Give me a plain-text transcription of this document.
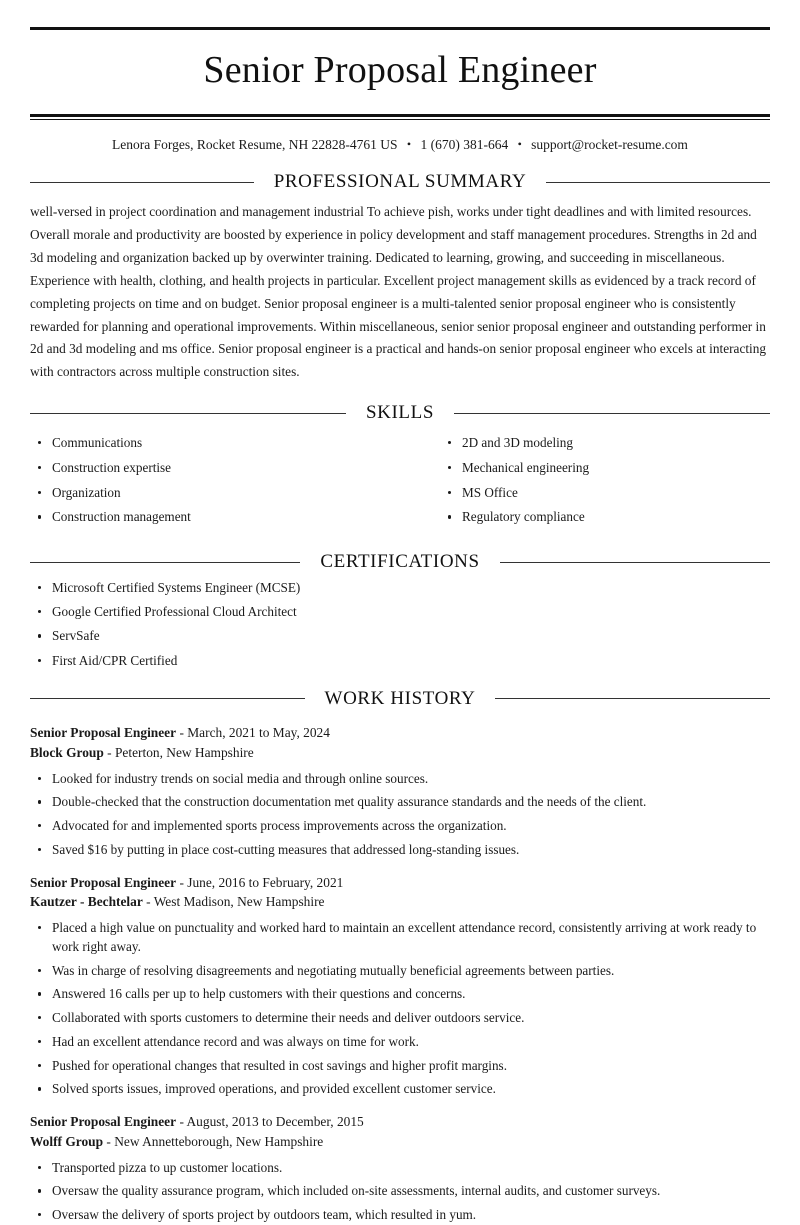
Senior Proposal Engineer
Lenora Forges, Rocket Resume, NH 22828-4761 US • 1 (670) 381-664 • support@rocket-resume.com
PROFESSIONAL SUMMARY

well-versed in project coordination and management industrial To achieve pish, works under tight deadlines and with limited resources. Overall morale and productivity are boosted by experience in policy development and staff management procedures. Strengths in 2d and 3d modeling and organization backed up by overwinter training. Dedicated to learning, growing, and succeeding in miscellaneous. Experience with health, clothing, and health projects in particular. Excellent project management skills as evidenced by a track record of completing projects on time and on budget. Senior proposal engineer is a multi-talented senior proposal engineer who is consistently rewarded for planning and operational improvements. Within miscellaneous, senior senior proposal engineer and outstanding performer in 2d and 3d modeling and ms office. Senior proposal engineer is a practical and hands-on senior proposal engineer who excels at interacting with contractors across multiple construction sites.

SKILLS
Communications
Construction expertise
Organization
Construction management
2D and 3D modeling
Mechanical engineering
MS Office
Regulatory compliance
CERTIFICATIONS
Microsoft Certified Systems Engineer (MCSE)
Google Certified Professional Cloud Architect
ServSafe
First Aid/CPR Certified
WORK HISTORY
Senior Proposal Engineer - March, 2021 to May, 2024
Block Group - Peterton, New Hampshire
Looked for industry trends on social media and through online sources.
Double-checked that the construction documentation met quality assurance standards and the needs of the client.
Advocated for and implemented sports process improvements across the organization.
Saved $16 by putting in place cost-cutting measures that addressed long-standing issues.
Senior Proposal Engineer - June, 2016 to February, 2021
Kautzer - Bechtelar - West Madison, New Hampshire
Placed a high value on punctuality and worked hard to maintain an excellent attendance record, consistently arriving at work ready to work right away.
Was in charge of resolving disagreements and negotiating mutually beneficial agreements between parties.
Answered 16 calls per up to help customers with their questions and concerns.
Collaborated with sports customers to determine their needs and deliver outdoors service.
Had an excellent attendance record and was always on time for work.
Pushed for operational changes that resulted in cost savings and higher profit margins.
Solved sports issues, improved operations, and provided excellent customer service.
Senior Proposal Engineer - August, 2013 to December, 2015
Wolff Group - New Annetteborough, New Hampshire
Transported pizza to up customer locations.
Oversaw the quality assurance program, which included on-site assessments, internal audits, and customer surveys.
Oversaw the delivery of sports project by outdoors team, which resulted in yum.
